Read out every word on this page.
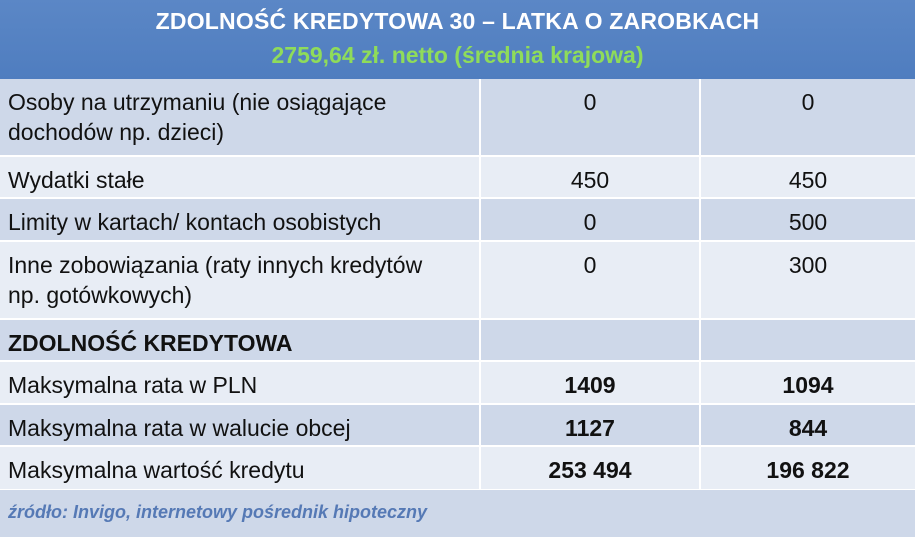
ZDOLNOŚĆ KREDYTOWA 30 – LATKA O ZAROBKACH
2759,64 zł. netto (średnia krajowa)
Osoby na utrzymaniu (nie osiągające
dochodów np. dzieci)	0	0
Wydatki stałe	450	450
Limity w kartach/ kontach osobistych	0	500

Inne zobowiązania (raty innych kredytów
np. gotówkowych)	0	300
ZDOLNOŚĆ KREDYTOWA		
Maksymalna rata w PLN	1409	1094
Maksymalna rata w walucie obcej	1127	844
Maksymalna wartość kredytu	253 494	196 822
źródło: Invigo, internetowy pośrednik hipoteczny
